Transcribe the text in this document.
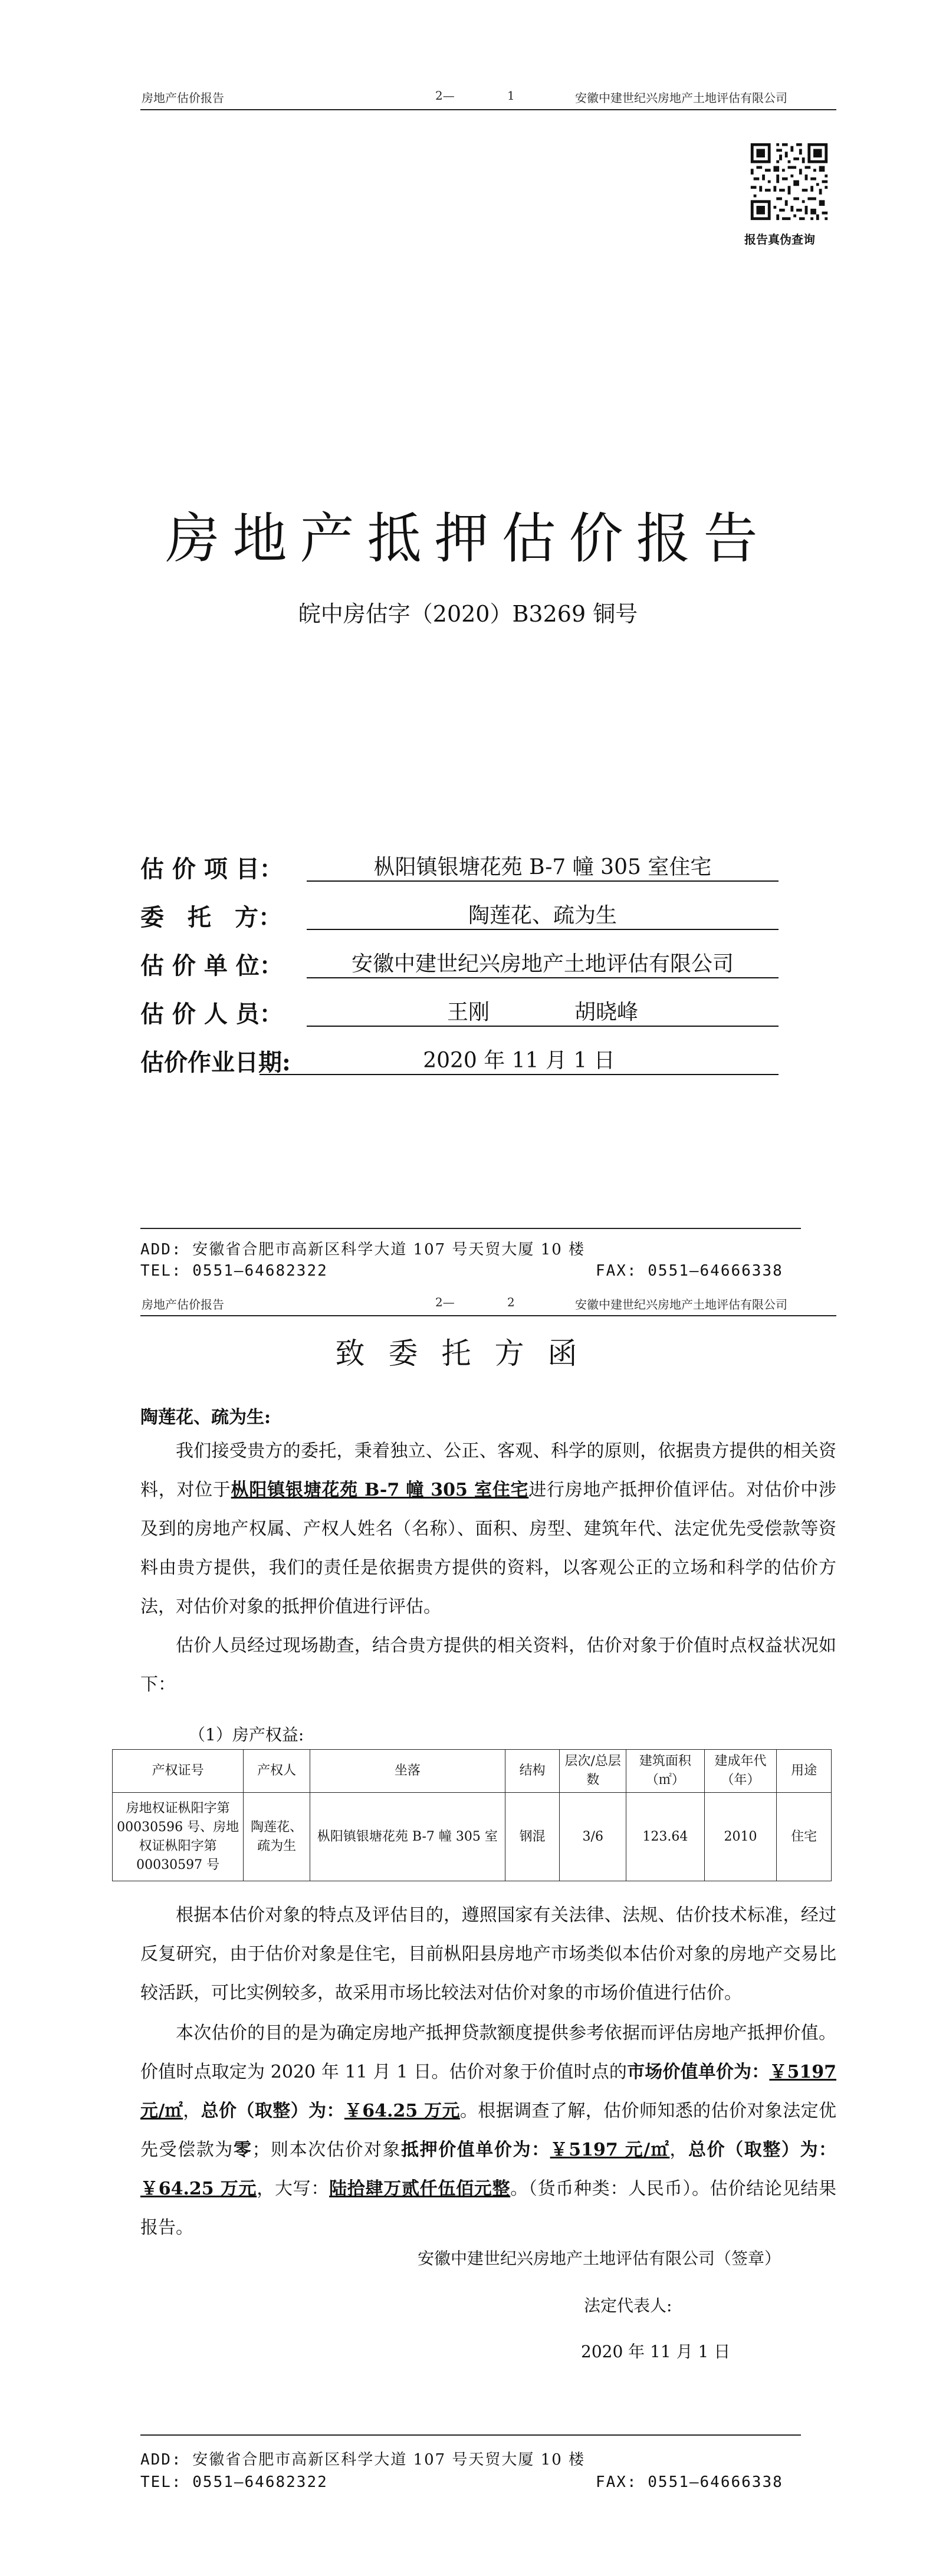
房地产估价报告	2—	1	安徽中建世纪兴房地产土地评估有限公司
报告真伪查询
房地产抵押估价报告
皖中房估字（2020）B3269 铜号
估 价 项 目：	枞阳镇银塘花苑 B-7 幢 305 室住宅
委　托　方：	陶莲花、疏为生
估 价 单 位：	安徽中建世纪兴房地产土地评估有限公司
估 价 人 员：	王刚　　　　胡晓峰
估价作业日期:	2020 年 11 月 1 日
ADD: 安徽省合肥市高新区科学大道 107 号天贸大厦 10 楼
TEL: 0551—64682322	FAX: 0551—64666338
房地产估价报告	2—	2	安徽中建世纪兴房地产土地评估有限公司
致委托方函
陶莲花、疏为生:
我们接受贵方的委托，秉着独立、公正、客观、科学的原则，依据贵方提供的相关资料，对位于枞阳镇银塘花苑 B-7 幢 305 室住宅进行房地产抵押价值评估。对估价中涉及到的房地产权属、产权人姓名（名称）、面积、房型、建筑年代、法定优先受偿款等资料由贵方提供，我们的责任是依据贵方提供的资料，以客观公正的立场和科学的估价方法，对估价对象的抵押价值进行评估。
估价人员经过现场勘查，结合贵方提供的相关资料，估价对象于价值时点权益状况如下：
（1）房产权益:
产权证号	产权人	坐落	结构	层次/总层数	建筑面积（㎡）	建成年代（年）	用途
房地权证枞阳字第 00030596 号、房地权证枞阳字第 00030597 号	陶莲花、疏为生	枞阳镇银塘花苑 B-7 幢 305 室	钢混	3/6	123.64	2010	住宅
根据本估价对象的特点及评估目的，遵照国家有关法律、法规、估价技术标准，经过反复研究，由于估价对象是住宅，目前枞阳县房地产市场类似本估价对象的房地产交易比较活跃，可比实例较多，故采用市场比较法对估价对象的市场价值进行估价。
本次估价的目的是为确定房地产抵押贷款额度提供参考依据而评估房地产抵押价值。价值时点取定为 2020 年 11 月 1 日。估价对象于价值时点的市场价值单价为：￥5197 元/㎡，总价（取整）为：￥64.25 万元。根据调查了解，估价师知悉的估价对象法定优先受偿款为零；则本次估价对象抵押价值单价为：￥5197 元/㎡，总价（取整）为：￥64.25 万元，大写：陆拾肆万贰仟伍佰元整。（货币种类：人民币）。估价结论见结果报告。
安徽中建世纪兴房地产土地评估有限公司（签章）
法定代表人:
2020 年 11 月 1 日
ADD: 安徽省合肥市高新区科学大道 107 号天贸大厦 10 楼
TEL: 0551—64682322	FAX: 0551—64666338
